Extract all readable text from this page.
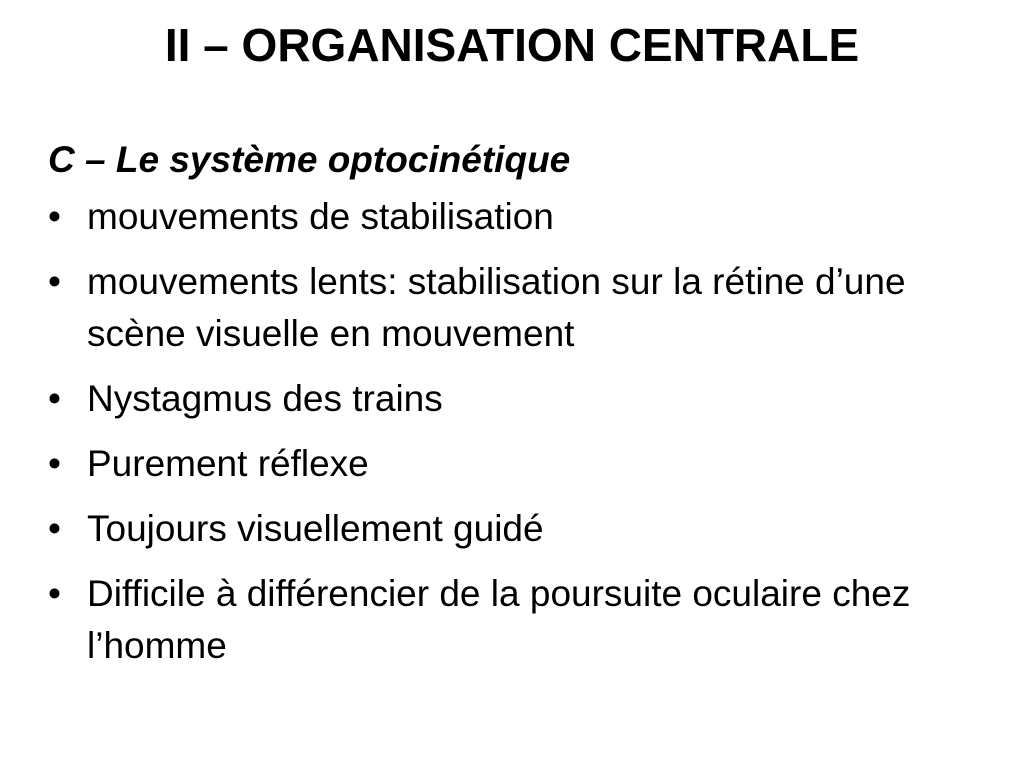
II – ORGANISATION CENTRALE

C – Le système optocinétique

• mouvements de stabilisation
• mouvements lents: stabilisation sur la rétine d’une scène visuelle en mouvement
• Nystagmus des trains
• Purement réflexe
• Toujours visuellement guidé
• Difficile à différencier de la poursuite oculaire chez l’homme
